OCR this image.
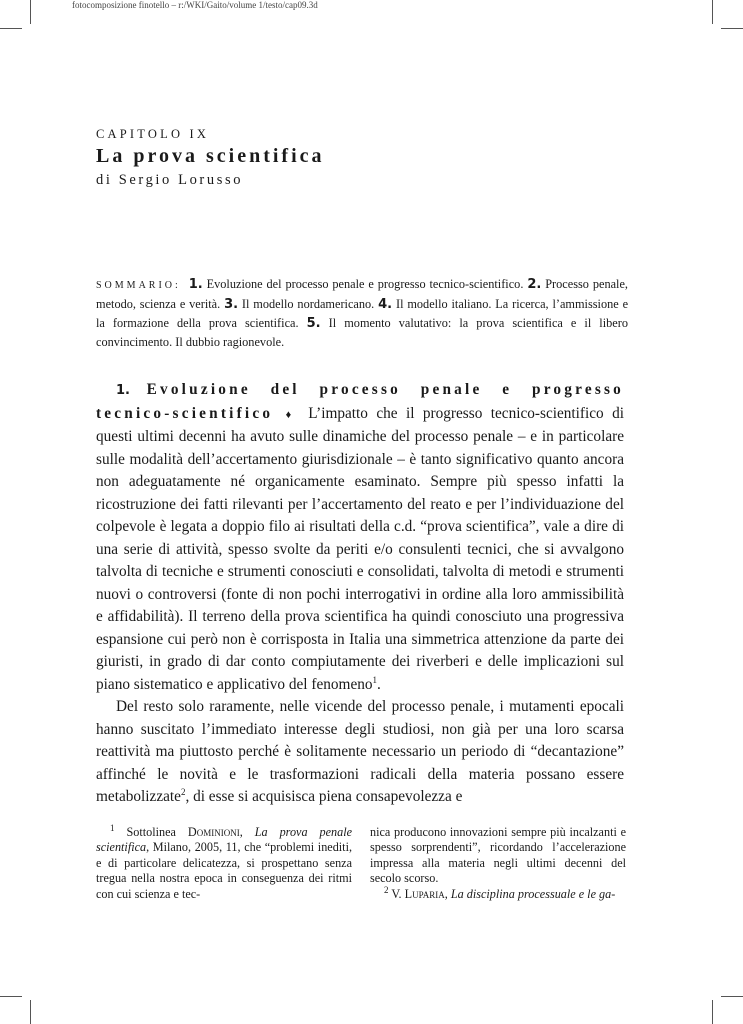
fotocomposizione finotello – r:/WKI/Gaito/volume 1/testo/cap09.3d
CAPITOLO IX
La prova scientifica
di Sergio Lorusso
SOMMARIO: 1. Evoluzione del processo penale e progresso tecnico-scientifico. 2. Processo penale, metodo, scienza e verità. 3. Il modello nordamericano. 4. Il modello italiano. La ricerca, l’ammissione e la formazione della prova scientifica. 5. Il momento valutativo: la prova scientifica e il libero convincimento. Il dubbio ragionevole.

1. Evoluzione del processo penale e progresso tecnico-scientifico ♦ L’impatto che il progresso tecnico-scientifico di questi ultimi decenni ha avuto sulle dinamiche del processo penale – e in particolare sulle modalità dell’accertamento giurisdizionale – è tanto significativo quanto ancora non adeguatamente né organicamente esaminato. Sempre più spesso infatti la ricostruzione dei fatti rilevanti per l’accertamento del reato e per l’individuazione del colpevole è legata a doppio filo ai risultati della c.d. “prova scientifica”, vale a dire di una serie di attività, spesso svolte da periti e/o consulenti tecnici, che si avvalgono talvolta di tecniche e strumenti conosciuti e consolidati, talvolta di metodi e strumenti nuovi o controversi (fonte di non pochi interrogativi in ordine alla loro ammissibilità e affidabilità). Il terreno della prova scientifica ha quindi conosciuto una progressiva espansione cui però non è corrisposta in Italia una simmetrica attenzione da parte dei giuristi, in grado di dar conto compiutamente dei riverberi e delle implicazioni sul piano sistematico e applicativo del fenomeno$^1$.

Del resto solo raramente, nelle vicende del processo penale, i mutamenti epocali hanno suscitato l’immediato interesse degli studiosi, non già per una loro scarsa reattività ma piuttosto perché è solitamente necessario un periodo di “decantazione” affinché le novità e le trasformazioni radicali della materia possano essere metabolizzate$^2$, di esse si acquisisca piena consapevolezza e

$^1$ Sottolinea Dominioni, La prova penale scientifica, Milano, 2005, 11, che “problemi inediti, e di particolare delicatezza, si prospettano senza tregua nella nostra epoca in conseguenza dei ritmi con cui scienza e tec-

nica producono innovazioni sempre più incalzanti e spesso sorprendenti”, ricordando l’accelerazione impressa alla materia negli ultimi decenni del secolo scorso.

$^2$ V. Luparia, La disciplina processuale e le ga-
